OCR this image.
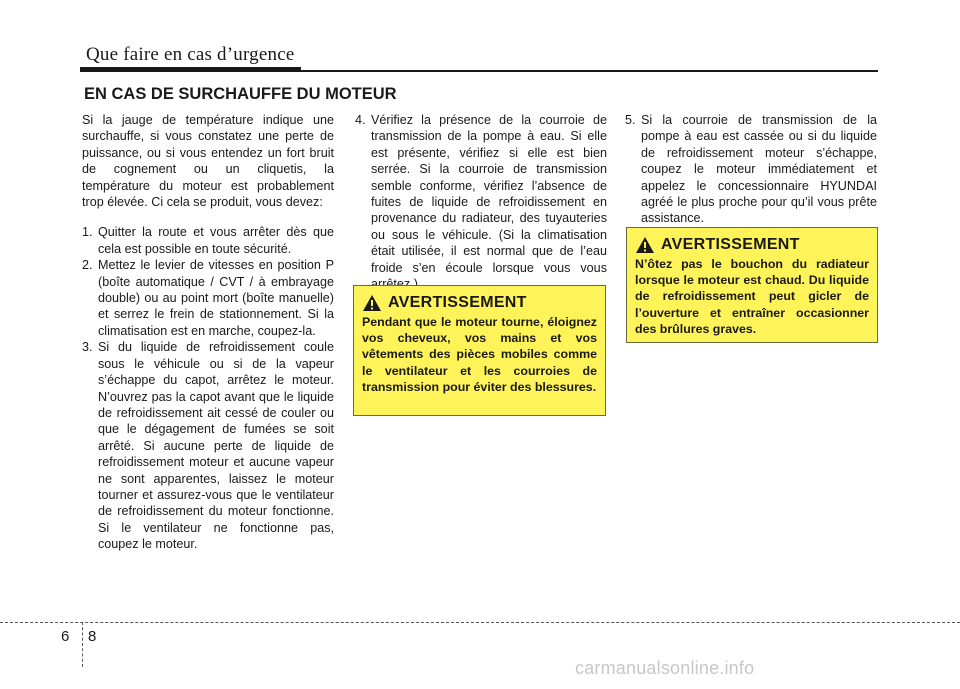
Que faire en cas d’urgence
EN CAS DE SURCHAUFFE DU MOTEUR

Si la jauge de température indique une surchauffe, si vous constatez une perte de puissance, ou si vous entendez un fort bruit de cognement ou un cliquetis, la température du moteur est probablement trop élevée. Ci cela se produit, vous devez:

1. Quitter la route et vous arrêter dès que cela est possible en toute sécurité.
2. Mettez le levier de vitesses en position P (boîte automatique / CVT / à embrayage double) ou au point mort (boîte manuelle) et serrez le frein de stationnement. Si la climatisation est en marche, coupez-la.
3. Si du liquide de refroidissement coule sous le véhicule ou si de la vapeur s’échappe du capot, arrêtez le moteur. N’ouvrez pas la capot avant que le liquide de refroidissement ait cessé de couler ou que le dégagement de fumées se soit arrêté. Si aucune perte de liquide de refroidissement moteur et aucune vapeur ne sont apparentes, laissez le moteur tourner et assurez-vous que le ventilateur de refroidissement du moteur fonctionne. Si le ventilateur ne fonctionne pas, coupez le moteur.
4. Vérifiez la présence de la courroie de transmission de la pompe à eau. Si elle est présente, vérifiez si elle est bien serrée. Si la courroie de transmission semble conforme, vérifiez l’absence de fuites de liquide de refroidissement en provenance du radiateur, des tuyauteries ou sous le véhicule. (Si la climatisation était utilisée, il est normal que de l’eau froide s’en écoule lorsque vous vous
5. Si la courroie de transmission de la pompe à eau est cassée ou si du liquide de refroidissement moteur s’échappe, coupez le moteur immédiatement et appelez le concessionnaire HYUNDAI agréé le plus proche pour qu’il vous prête assistance.
AVERTISSEMENT
Pendant que le moteur tourne, éloignez vos cheveux, vos mains et vos vêtements des pièces mobiles comme le ventilateur et les courroies de transmission pour éviter des blessures.
AVERTISSEMENT
N’ôtez pas le bouchon du radiateur lorsque le moteur est chaud. Du liquide de refroidissement peut gicler de l’ouverture et entraîner occasionner des brûlures graves.
6 8
carmanualsonline.info
